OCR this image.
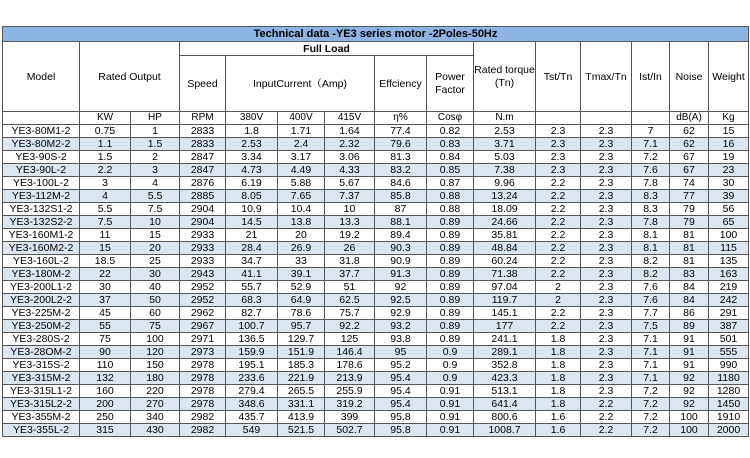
Technical data -YE3 series motor -2Poles-50Hz														
Model	Rated Output		Full Load						Rated torque (Tn)	Tst/Tn	Tmax/Tn	Ist/In	Noise	Weight
			Speed	InputCurrent（Amp)			Effciency	Power Factor						
	KW	HP	RPM	380V	400V	415V	η%	Cosφ	N.m				dB(A)	Kg
YE3-80M1-2	0.75	1	2833	1.8	1.71	1.64	77.4	0.82	2.53	2.3	2.3	7	62	15
YE3-80M2-2	1.1	1.5	2833	2.53	2.4	2.32	79.6	0.83	3.71	2.3	2.3	7.1	62	16
YE3-90S-2	1.5	2	2847	3.34	3.17	3.06	81.3	0.84	5.03	2.3	2.3	7.2	67	19
YE3-90L-2	2.2	3	2847	4.73	4.49	4.33	83.2	0.85	7.38	2.3	2.3	7.6	67	23
YE3-100L-2	3	4	2876	6.19	5.88	5.67	84.6	0.87	9.96	2.2	2.3	7.8	74	30
YE3-112M-2	4	5.5	2885	8.05	7.65	7.37	85.8	0.88	13.24	2.2	2.3	8.3	77	39
YE3-132S1-2	5.5	7.5	2904	10.9	10.4	10	87	0.88	18.09	2.2	2.3	8.3	79	56
YE3-132S2-2	7.5	10	2904	14.5	13.8	13.3	88.1	0.89	24.66	2.2	2.3	7.8	79	65
YE3-160M1-2	11	15	2933	21	20	19.2	89.4	0.89	35.81	2.2	2.3	8.1	81	100
YE3-160M2-2	15	20	2933	28.4	26.9	26	90.3	0.89	48.84	2.2	2.3	8.1	81	115
YE3-160L-2	18.5	25	2933	34.7	33	31.8	90.9	0.89	60.24	2.2	2.3	8.2	81	135
YE3-180M-2	22	30	2943	41.1	39.1	37.7	91.3	0.89	71.38	2.2	2.3	8.2	83	163
YE3-200L1-2	30	40	2952	55.7	52.9	51	92	0.89	97.04	2	2.3	7.6	84	219
YE3-200L2-2	37	50	2952	68.3	64.9	62.5	92.5	0.89	119.7	2	2.3	7.6	84	242
YE3-225M-2	45	60	2962	82.7	78.6	75.7	92.9	0.89	145.1	2.2	2.3	7.7	86	291
YE3-250M-2	55	75	2967	100.7	95.7	92.2	93.2	0.89	177	2.2	2.3	7.5	89	387
YE3-280S-2	75	100	2971	136.5	129.7	125	93.8	0.89	241.1	1.8	2.3	7.1	91	501
YE3-28OM-2	90	120	2973	159.9	151.9	146.4	95	0.9	289.1	1.8	2.3	7.1	91	555
YE3-315S-2	110	150	2978	195.1	185.3	178.6	95.2	0.9	352.8	1.8	2.3	7.1	91	990
YE3-315M-2	132	180	2978	233.6	221.9	213.9	95.4	0.9	423.3	1.8	2.3	7.1	92	1180
YE3-315L1-2	160	220	2978	279.4	265.5	255.9	95.4	0.91	513.1	1.8	2.3	7.2	92	1280
YE3-315L2-2	200	270	2978	348.6	331.1	319.2	95.4	0.91	641.4	1.8	2.2	7.2	92	1450
YE3-355M-2	250	340	2982	435.7	413.9	399	95.8	0.91	800.6	1.6	2.2	7.2	100	1910
YE3-355L-2	315	430	2982	549	521.5	502.7	95.8	0.91	1008.7	1.6	2.2	7.2	100	2000
